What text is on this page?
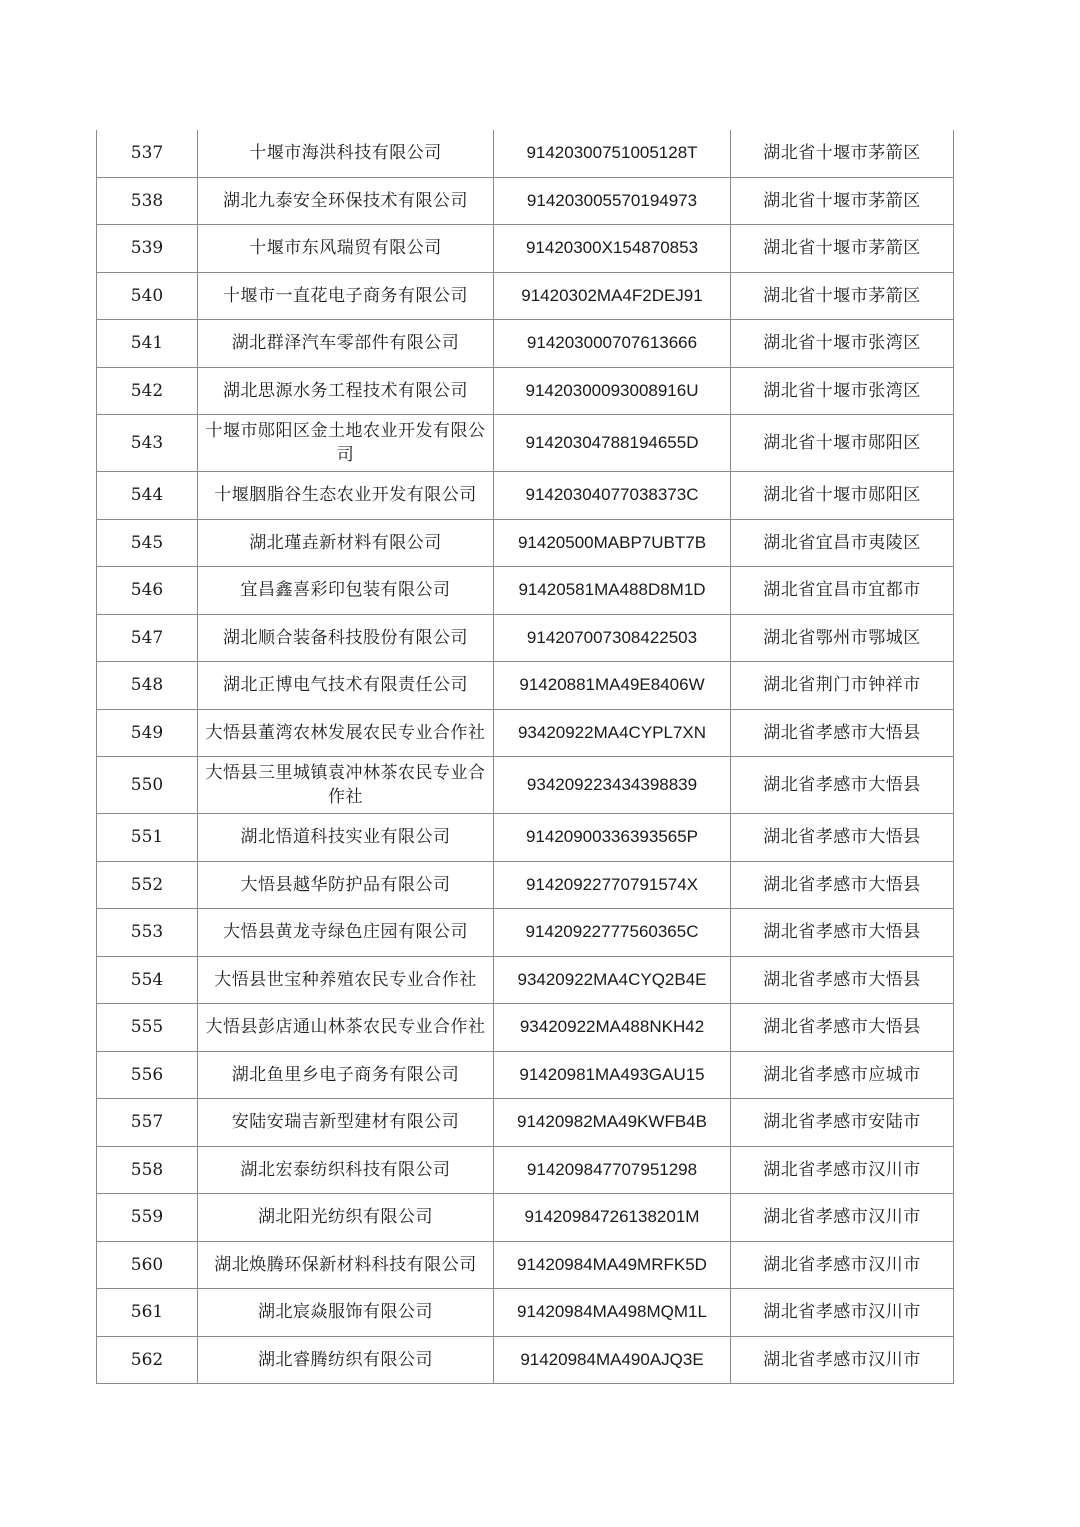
537	十堰市海洪科技有限公司	91420300751005128T	湖北省十堰市茅箭区
538	湖北九泰安全环保技术有限公司	914203005570194973	湖北省十堰市茅箭区
539	十堰市东风瑞贸有限公司	91420300X154870853	湖北省十堰市茅箭区
540	十堰市一直花电子商务有限公司	91420302MA4F2DEJ91	湖北省十堰市茅箭区
541	湖北群泽汽车零部件有限公司	914203000707613666	湖北省十堰市张湾区
542	湖北思源水务工程技术有限公司	91420300093008916U	湖北省十堰市张湾区
543	十堰市郧阳区金土地农业开发有限公司	91420304788194655D	湖北省十堰市郧阳区
544	十堰胭脂谷生态农业开发有限公司	91420304077038373C	湖北省十堰市郧阳区
545	湖北瑾垚新材料有限公司	91420500MABP7UBT7B	湖北省宜昌市夷陵区
546	宜昌鑫喜彩印包装有限公司	91420581MA488D8M1D	湖北省宜昌市宜都市
547	湖北顺合装备科技股份有限公司	914207007308422503	湖北省鄂州市鄂城区
548	湖北正博电气技术有限责任公司	91420881MA49E8406W	湖北省荆门市钟祥市
549	大悟县董湾农林发展农民专业合作社	93420922MA4CYPL7XN	湖北省孝感市大悟县
550	大悟县三里城镇袁冲林茶农民专业合作社	934209223434398839	湖北省孝感市大悟县
551	湖北悟道科技实业有限公司	91420900336393565P	湖北省孝感市大悟县
552	大悟县越华防护品有限公司	91420922770791574X	湖北省孝感市大悟县
553	大悟县黄龙寺绿色庄园有限公司	91420922777560365C	湖北省孝感市大悟县
554	大悟县世宝种养殖农民专业合作社	93420922MA4CYQ2B4E	湖北省孝感市大悟县
555	大悟县彭店通山林茶农民专业合作社	93420922MA488NKH42	湖北省孝感市大悟县
556	湖北鱼里乡电子商务有限公司	91420981MA493GAU15	湖北省孝感市应城市
557	安陆安瑞吉新型建材有限公司	91420982MA49KWFB4B	湖北省孝感市安陆市
558	湖北宏泰纺织科技有限公司	914209847707951298	湖北省孝感市汉川市
559	湖北阳光纺织有限公司	91420984726138201M	湖北省孝感市汉川市
560	湖北焕腾环保新材料科技有限公司	91420984MA49MRFK5D	湖北省孝感市汉川市
561	湖北宸焱服饰有限公司	91420984MA498MQM1L	湖北省孝感市汉川市
562	湖北睿腾纺织有限公司	91420984MA490AJQ3E	湖北省孝感市汉川市
